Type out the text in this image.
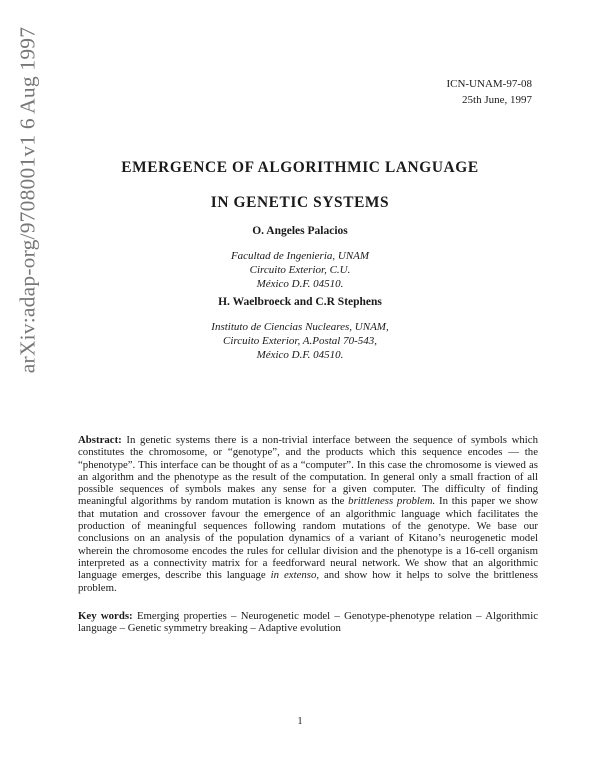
arXiv:adap-org/9708001v1 6 Aug 1997	ICN-UNAM-97-08
25th June, 1997
EMERGENCE OF ALGORITHMIC LANGUAGE
IN GENETIC SYSTEMS
O. Angeles Palacios
Facultad de Ingenieria, UNAM
Circuito Exterior, C.U.
México D.F. 04510.
H. Waelbroeck and C.R Stephens
Instituto de Ciencias Nucleares, UNAM,
Circuito Exterior, A.Postal 70-543,
México D.F. 04510.
Abstract: In genetic systems there is a non-trivial interface between the sequence of symbols which constitutes the chromosome, or “genotype”, and the products which this sequence encodes — the “phenotype”. This interface can be thought of as a “computer”. In this case the chromosome is viewed as an algorithm and the phenotype as the result of the computation. In general only a small fraction of all possible sequences of symbols makes any sense for a given computer. The difficulty of finding meaningful algorithms by random mutation is known as the brittleness problem. In this paper we show that mutation and crossover favour the emergence of an algorithmic language which facilitates the production of meaningful sequences following random mutations of the genotype. We base our conclusions on an analysis of the population dynamics of a variant of Kitano’s neurogenetic model wherein the chromosome encodes the rules for cellular division and the phenotype is a 16-cell organism interpreted as a connectivity matrix for a feedforward neural network. We show that an algorithmic language emerges, describe this language in extenso, and show how it helps to solve the brittleness problem.
Key words: Emerging properties – Neurogenetic model – Genotype-phenotype relation – Algorithmic language – Genetic symmetry breaking – Adaptive evolution
1
